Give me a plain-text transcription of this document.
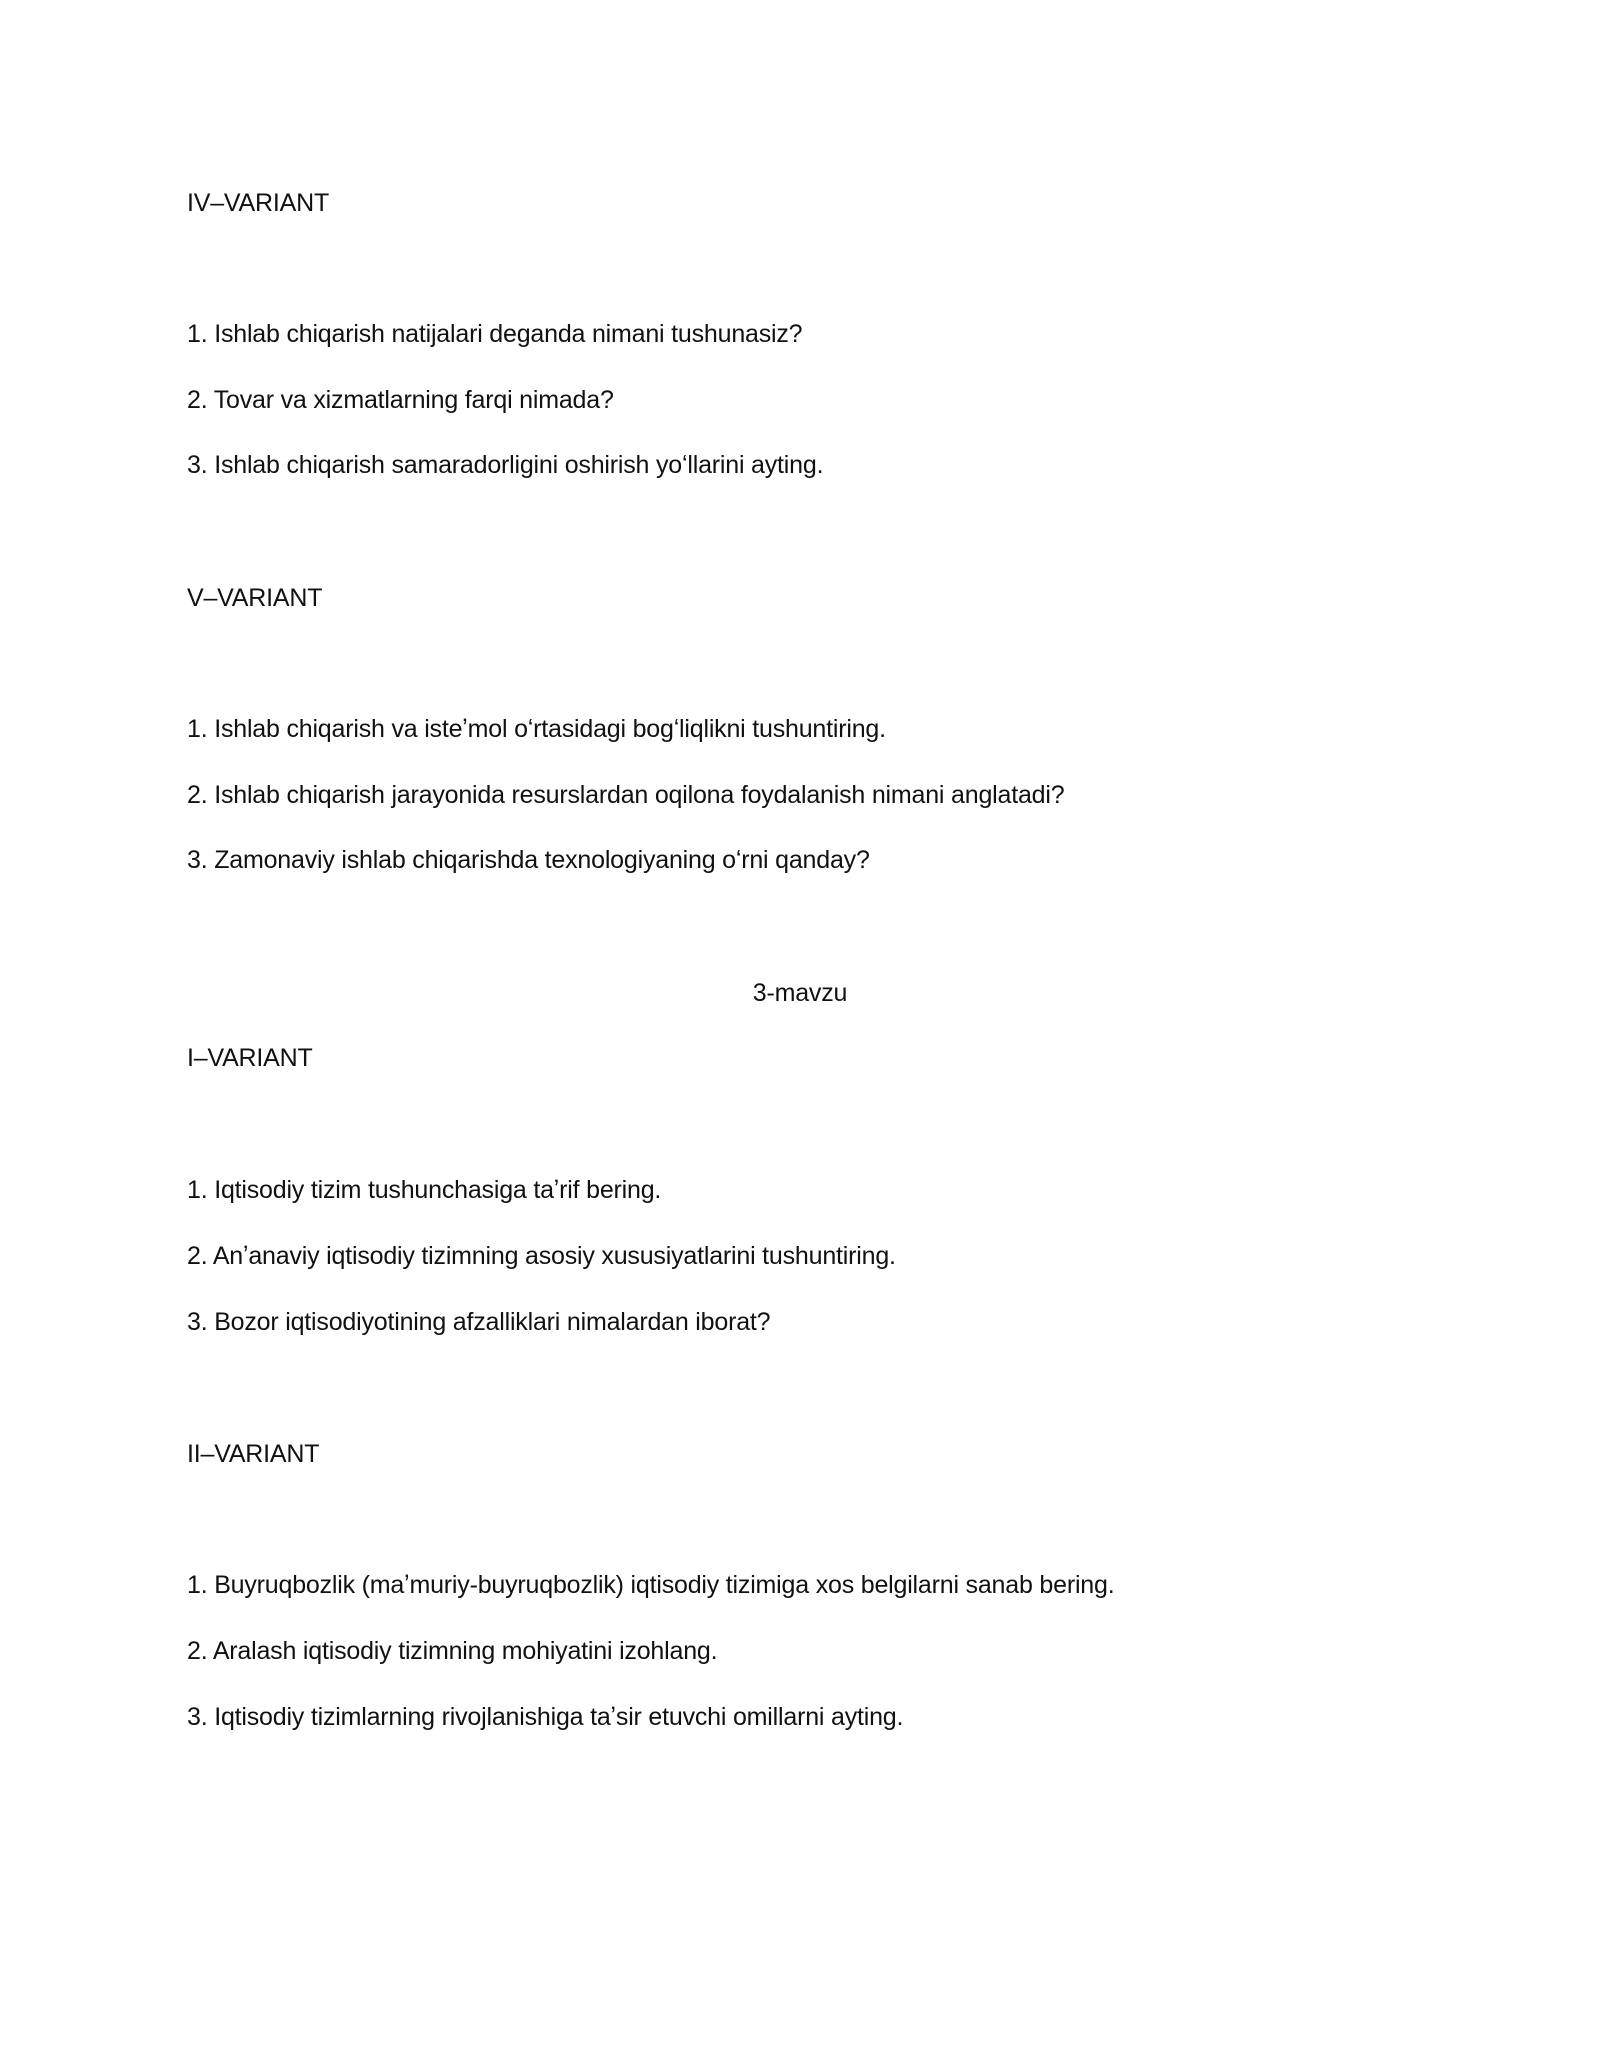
IV–VARIANT
1. Ishlab chiqarish natijalari deganda nimani tushunasiz?
2. Tovar va xizmatlarning farqi nimada?
3. Ishlab chiqarish samaradorligini oshirish yoʻllarini ayting.
V–VARIANT
1. Ishlab chiqarish va isteʼmol oʻrtasidagi bogʻliqlikni tushuntiring.
2. Ishlab chiqarish jarayonida resurslardan oqilona foydalanish nimani anglatadi?
3. Zamonaviy ishlab chiqarishda texnologiyaning oʻrni qanday?
3-mavzu
I–VARIANT
1. Iqtisodiy tizim tushunchasiga taʼrif bering.
2. Anʼanaviy iqtisodiy tizimning asosiy xususiyatlarini tushuntiring.
3. Bozor iqtisodiyotining afzalliklari nimalardan iborat?
II–VARIANT
1. Buyruqbozlik (maʼmuriy-buyruqbozlik) iqtisodiy tizimiga xos belgilarni sanab bering.
2. Aralash iqtisodiy tizimning mohiyatini izohlang.
3. Iqtisodiy tizimlarning rivojlanishiga taʼsir etuvchi omillarni ayting.
